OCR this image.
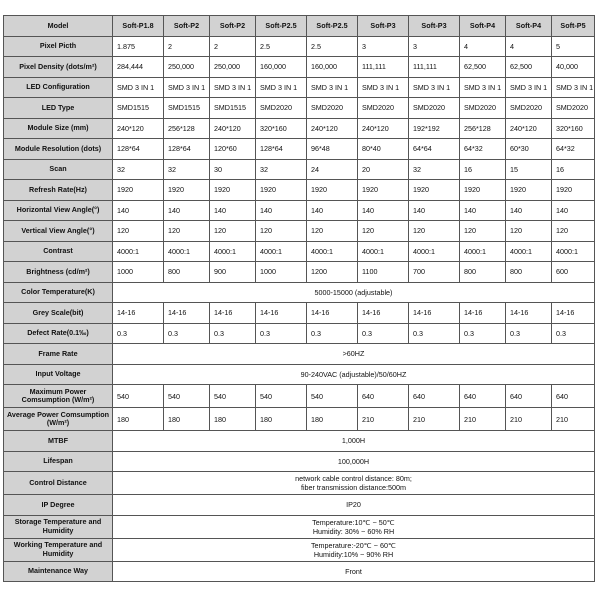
Model	Soft-P1.8	Soft-P2	Soft-P2	Soft-P2.5	Soft-P2.5	Soft-P3	Soft-P3	Soft-P4	Soft-P4	Soft-P5
Pixel Picth	1.875	2	2	2.5	2.5	3	3	4	4	5
Pixel Density (dots/m²)	284,444	250,000	250,000	160,000	160,000	111,111	111,111	62,500	62,500	40,000
LED Configuration	SMD 3 IN 1	SMD 3 IN 1	SMD 3 IN 1	SMD 3 IN 1	SMD 3 IN 1	SMD 3 IN 1	SMD 3 IN 1	SMD 3 IN 1	SMD 3 IN 1	SMD 3 IN 1
LED Type	SMD1515	SMD1515	SMD1515	SMD2020	SMD2020	SMD2020	SMD2020	SMD2020	SMD2020	SMD2020
Module Size (mm)	240*120	256*128	240*120	320*160	240*120	240*120	192*192	256*128	240*120	320*160
Module Resolution (dots)	128*64	128*64	120*60	128*64	96*48	80*40	64*64	64*32	60*30	64*32
Scan	32	32	30	32	24	20	32	16	15	16
Refresh Rate(Hz)	1920	1920	1920	1920	1920	1920	1920	1920	1920	1920
Horizontal View Angle(°)	140	140	140	140	140	140	140	140	140	140
Vertical View Angle(°)	120	120	120	120	120	120	120	120	120	120
Contrast	4000:1	4000:1	4000:1	4000:1	4000:1	4000:1	4000:1	4000:1	4000:1	4000:1
Brightness (cd/m²)	1000	800	900	1000	1200	1100	700	800	800	600
Color Temperature(K)	5000-15000 (adjustable)									
Grey Scale(bit)	14-16	14-16	14-16	14-16	14-16	14-16	14-16	14-16	14-16	14-16
Defect Rate(0.1‰)	0.3	0.3	0.3	0.3	0.3	0.3	0.3	0.3	0.3	0.3
Frame Rate	>60HZ									
Input Voltage	90-240VAC (adjustable)/50/60HZ									
Maximum Power Comsumption (W/m²)	540	540	540	540	540	640	640	640	640	640
Average Power Comsumption (W/m²)	180	180	180	180	180	210	210	210	210	210
MTBF	1,000H									
Lifespan	100,000H									
Control Distance	network cable control distance: 80m;
fiber transmission distance:500m									
IP Degree	IP20									
Storage Temperature and Humidity	Temperature:10℃ ~ 50℃
Humidity: 30% ~ 60% RH									
Working Temperature and Humidity	Temperature:-20℃ ~ 60℃
Humidity:10% ~ 90% RH									
Maintenance Way	Front									
